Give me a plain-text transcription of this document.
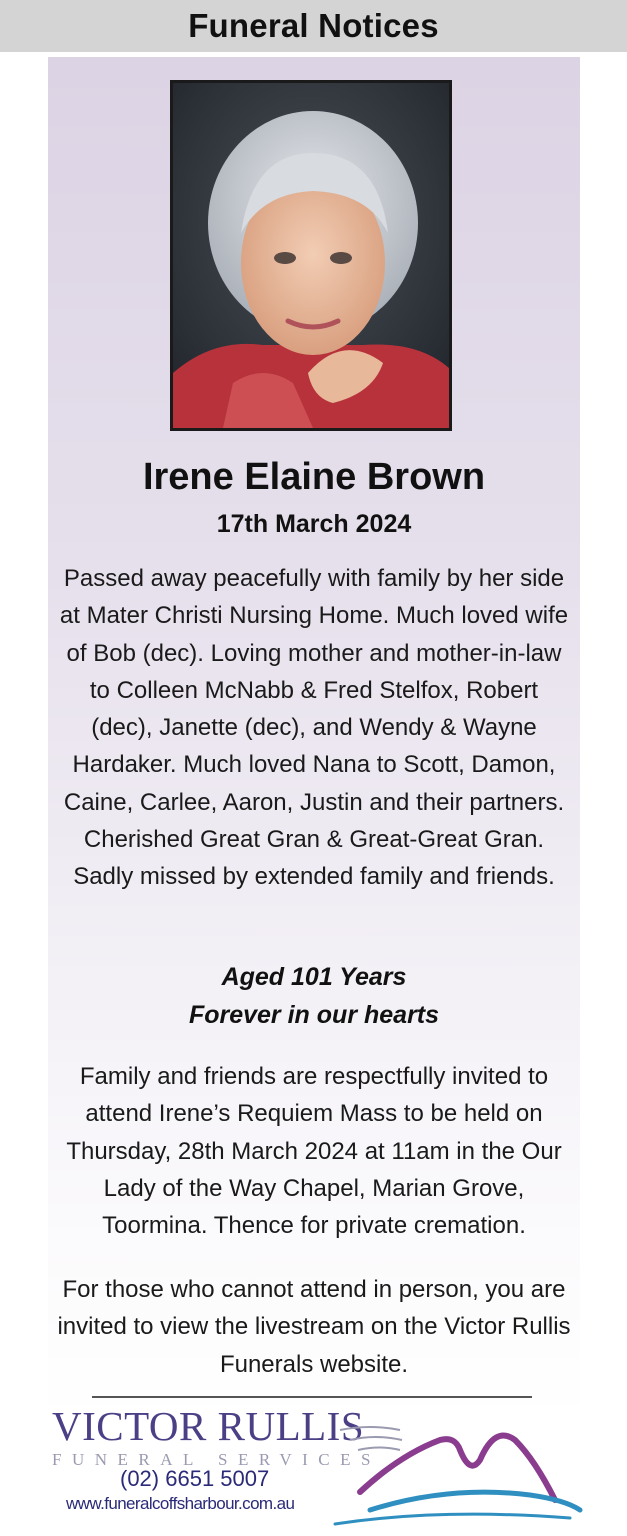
Funeral Notices
Irene Elaine Brown
17th March 2024
Passed away peacefully with family by her side at Mater Christi Nursing Home. Much loved wife of Bob (dec). Loving mother and mother-in-law to Colleen McNabb & Fred Stelfox, Robert (dec), Janette (dec), and Wendy & Wayne Hardaker. Much loved Nana to Scott, Damon, Caine, Carlee, Aaron, Justin and their partners. Cherished Great Gran & Great-Great Gran. Sadly missed by extended family and friends.
Aged 101 Years
Forever in our hearts
Family and friends are respectfully invited to attend Irene’s Requiem Mass to be held on Thursday, 28th March 2024 at 11am in the Our Lady of the Way Chapel, Marian Grove, Toormina. Thence for private cremation.
For those who cannot attend in person, you are invited to view the livestream on the Victor Rullis Funerals website.
VICTOR RULLIS
FUNERAL SERVICES
(02) 6651 5007
www.funeralcoffsharbour.com.au
